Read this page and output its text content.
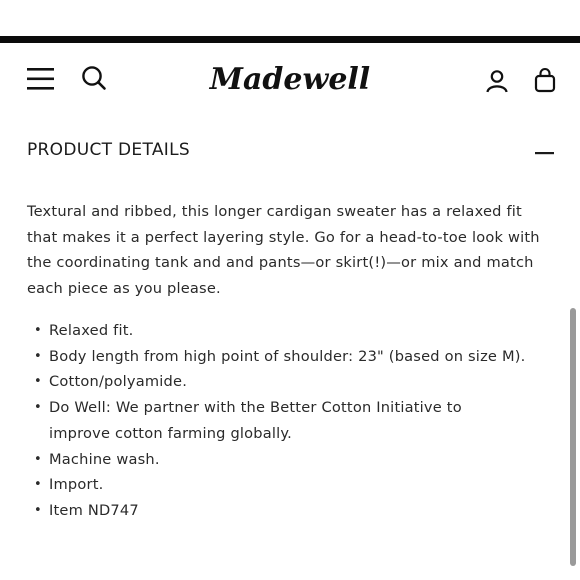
Madewell
PRODUCT DETAILS

Textural and ribbed, this longer cardigan sweater has a relaxed fit that makes it a perfect layering style. Go for a head-to-toe look with the coordinating tank and and pants—or skirt(!)—or mix and match each piece as you please.

• Relaxed fit.
• Body length from high point of shoulder: 23" (based on size M).
• Cotton/polyamide.
• Do Well: We partner with the Better Cotton Initiative to
improve cotton farming globally.
• Machine wash.
• Import.
• Item ND747
